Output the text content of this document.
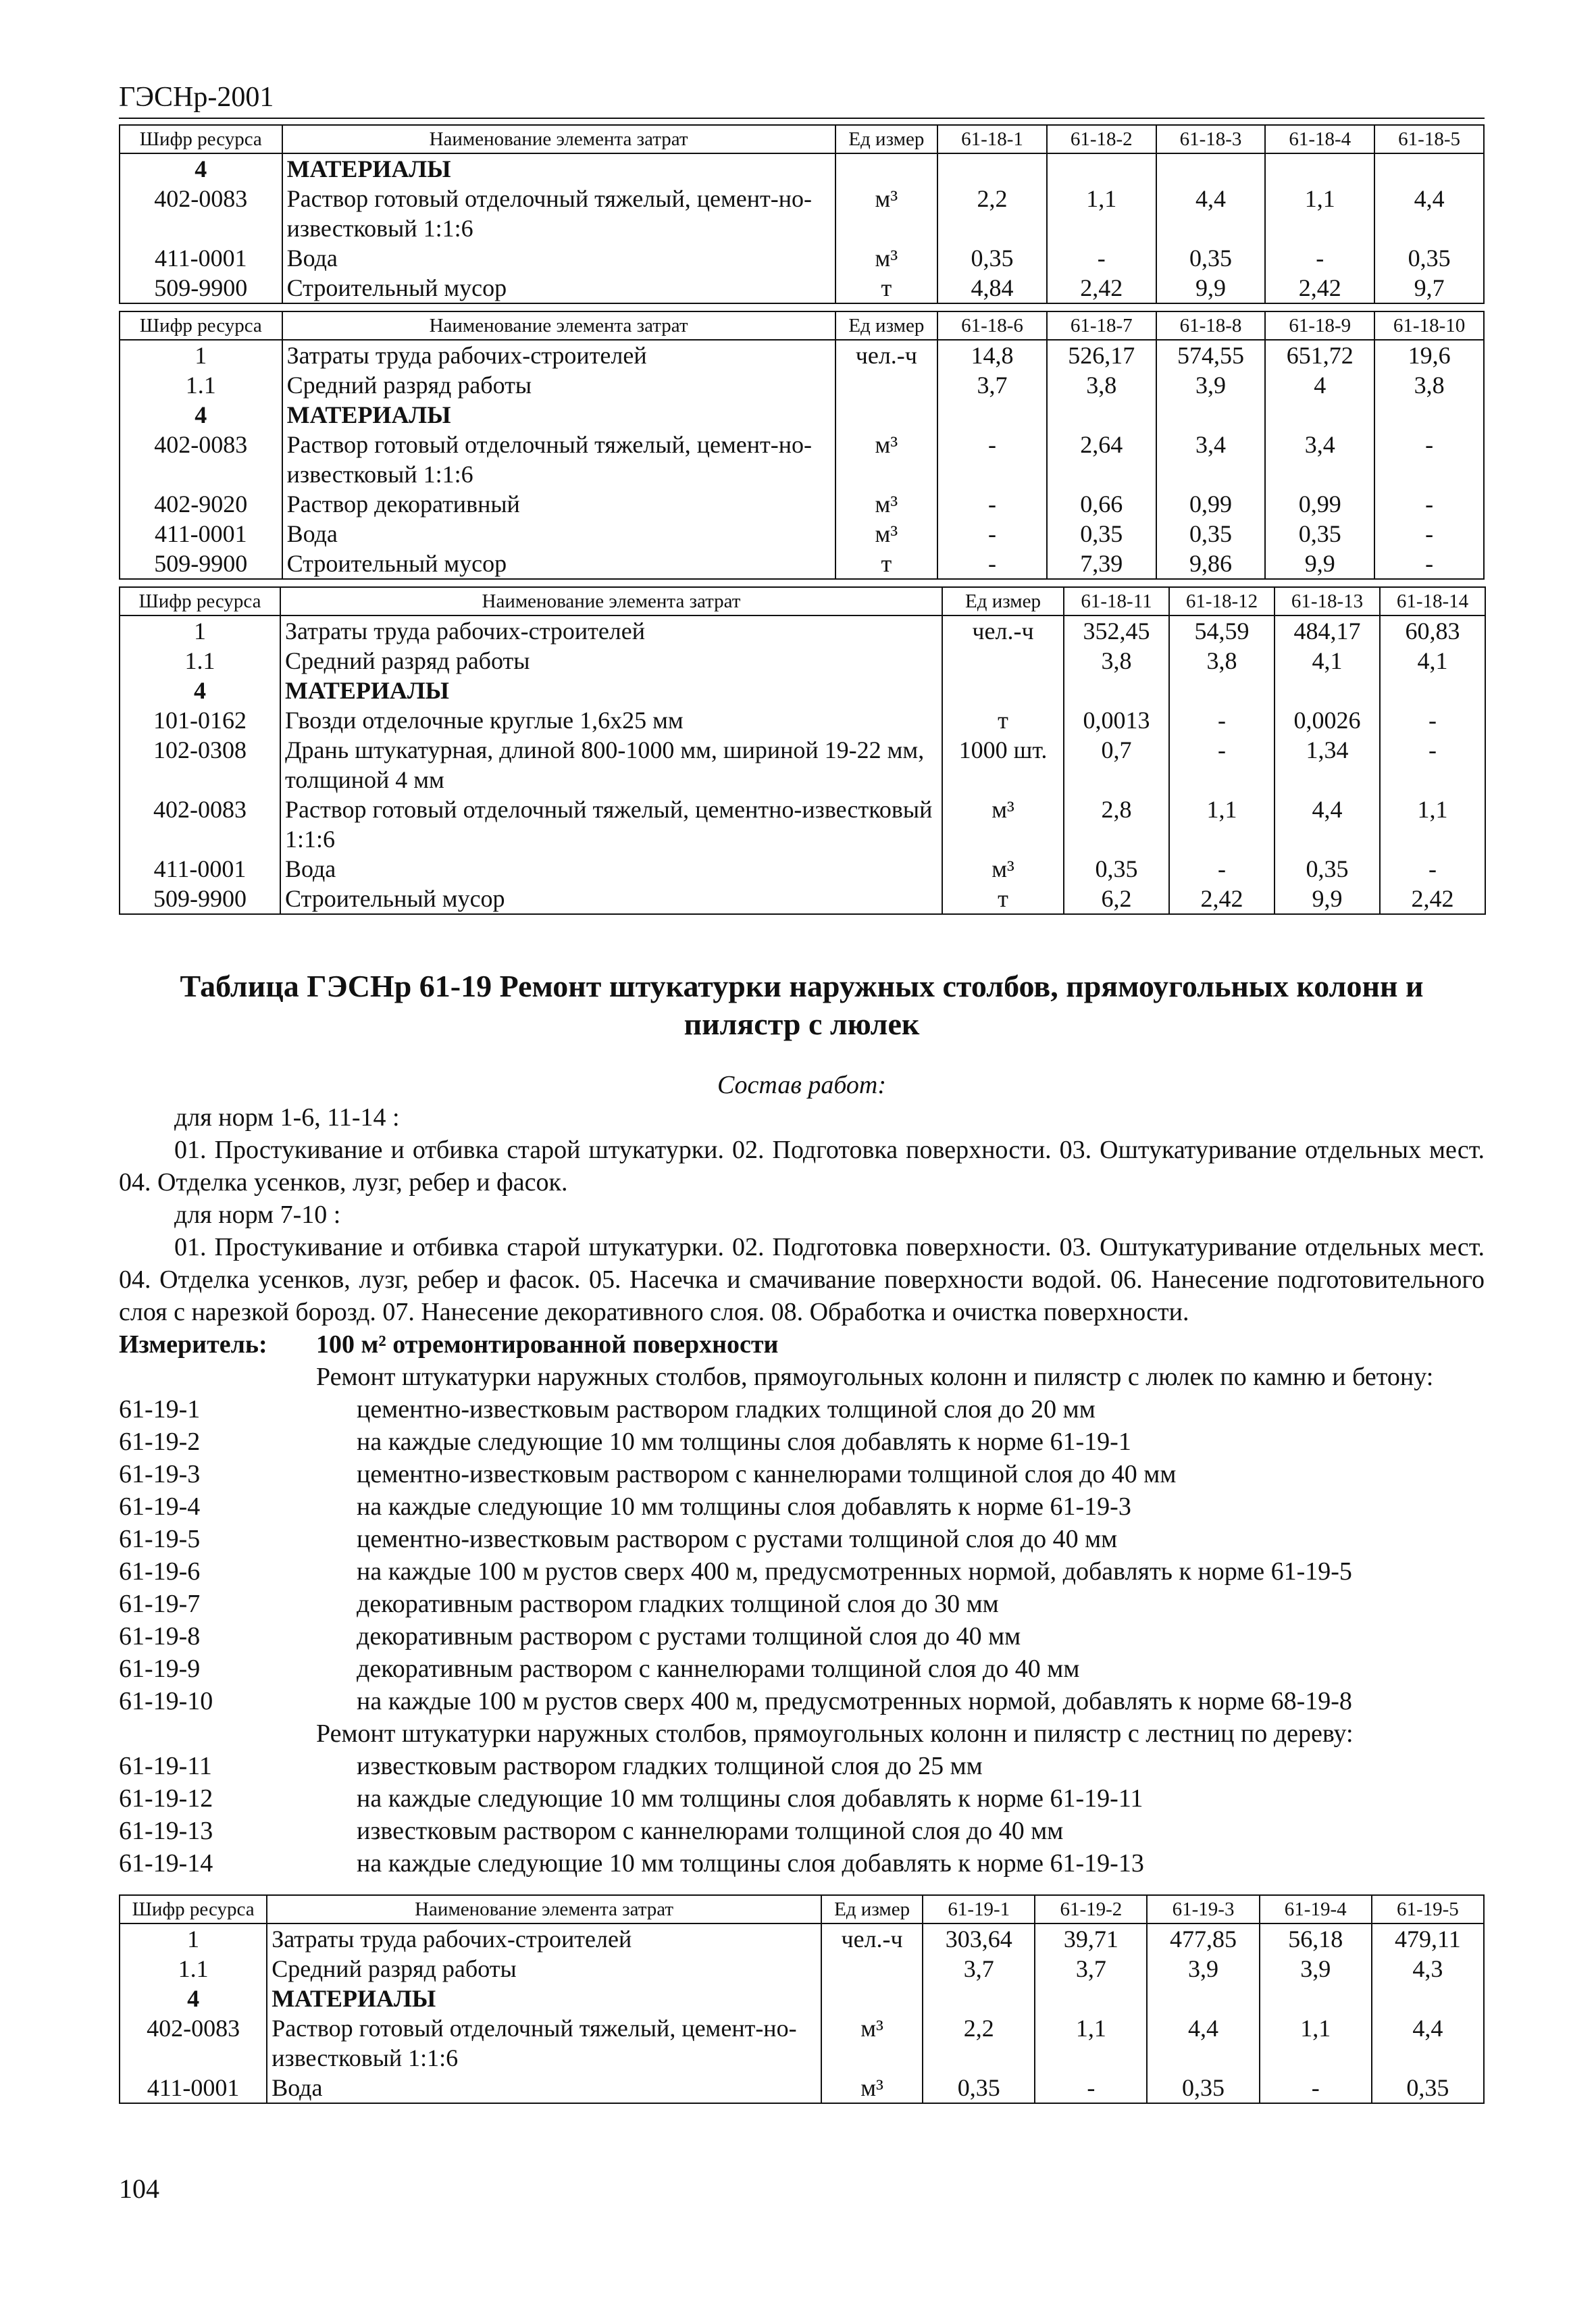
ГЭСНр-2001
Шифр ресурса	Наименование элемента затрат	Ед измер	61-18-1	61-18-2	61-18-3	61-18-4	61-18-5
4	МАТЕРИАЛЫ						
402-0083	Раствор готовый отделочный тяжелый, цемент-но-известковый 1:1:6	м³	2,2	1,1	4,4	1,1	4,4
411-0001	Вода	м³	0,35	-	0,35	-	0,35
509-9900	Строительный мусор	т	4,84	2,42	9,9	2,42	9,7
Шифр ресурса	Наименование элемента затрат	Ед измер	61-18-6	61-18-7	61-18-8	61-18-9	61-18-10
1	Затраты труда рабочих-строителей	чел.-ч	14,8	526,17	574,55	651,72	19,6
1.1	Средний разряд работы		3,7	3,8	3,9	4	3,8
4	МАТЕРИАЛЫ						
402-0083	Раствор готовый отделочный тяжелый, цемент-но-известковый 1:1:6	м³	-	2,64	3,4	3,4	-
402-9020	Раствор декоративный	м³	-	0,66	0,99	0,99	-
411-0001	Вода	м³	-	0,35	0,35	0,35	-
509-9900	Строительный мусор	т	-	7,39	9,86	9,9	-
Шифр ресурса	Наименование элемента затрат	Ед измер	61-18-11	61-18-12	61-18-13	61-18-14
1	Затраты труда рабочих-строителей	чел.-ч	352,45	54,59	484,17	60,83
1.1	Средний разряд работы		3,8	3,8	4,1	4,1
4	МАТЕРИАЛЫ					
101-0162	Гвозди отделочные круглые 1,6х25 мм	т	0,0013	-	0,0026	-
102-0308	Дрань штукатурная, длиной 800-1000 мм, шириной 19-22 мм, толщиной 4 мм	1000 шт.	0,7	-	1,34	-
402-0083	Раствор готовый отделочный тяжелый, цементно-известковый 1:1:6	м³	2,8	1,1	4,4	1,1
411-0001	Вода	м³	0,35	-	0,35	-
509-9900	Строительный мусор	т	6,2	2,42	9,9	2,42
Таблица ГЭСНр 61-19 Ремонт штукатурки наружных столбов, прямоугольных колонн и пилястр с люлек
Состав работ:

для норм 1-6, 11-14 :

01. Простукивание и отбивка старой штукатурки. 02. Подготовка поверхности. 03. Оштукатуривание отдельных мест. 04. Отделка усенков, лузг, ребер и фасок.

для норм 7-10 :

01. Простукивание и отбивка старой штукатурки. 02. Подготовка поверхности. 03. Оштукатуривание отдельных мест. 04. Отделка усенков, лузг, ребер и фасок. 05. Насечка и смачивание поверхности водой. 06. Нанесение подготовительного слоя с нарезкой борозд. 07. Нанесение декоративного слоя. 08. Обработка и очистка поверхности.

Измеритель: 100 м² отремонтированной поверхности
Ремонт штукатурки наружных столбов, прямоугольных колонн и пилястр с люлек по камню и бетону:
61-19-1	цементно-известковым раствором гладких толщиной слоя до 20 мм
61-19-2	на каждые следующие 10 мм толщины слоя добавлять к норме 61-19-1
61-19-3	цементно-известковым раствором с каннелюрами толщиной слоя до 40 мм
61-19-4	на каждые следующие 10 мм толщины слоя добавлять к норме 61-19-3
61-19-5	цементно-известковым раствором с рустами толщиной слоя до 40 мм
61-19-6	на каждые 100 м рустов сверх 400 м, предусмотренных нормой, добавлять к норме 61-19-5
61-19-7	декоративным раствором гладких толщиной слоя до 30 мм
61-19-8	декоративным раствором с рустами толщиной слоя до 40 мм
61-19-9	декоративным раствором с каннелюрами толщиной слоя до 40 мм
61-19-10	на каждые 100 м рустов сверх 400 м, предусмотренных нормой, добавлять к норме 68-19-8
Ремонт штукатурки наружных столбов, прямоугольных колонн и пилястр с лестниц по дереву:
61-19-11	известковым раствором гладких толщиной слоя до 25 мм
61-19-12	на каждые следующие 10 мм толщины слоя добавлять к норме 61-19-11
61-19-13	известковым раствором с каннелюрами толщиной слоя до 40 мм
61-19-14	на каждые следующие 10 мм толщины слоя добавлять к норме 61-19-13
Шифр ресурса	Наименование элемента затрат	Ед измер	61-19-1	61-19-2	61-19-3	61-19-4	61-19-5
1	Затраты труда рабочих-строителей	чел.-ч	303,64	39,71	477,85	56,18	479,11
1.1	Средний разряд работы		3,7	3,7	3,9	3,9	4,3
4	МАТЕРИАЛЫ						
402-0083	Раствор готовый отделочный тяжелый, цемент-но-известковый 1:1:6	м³	2,2	1,1	4,4	1,1	4,4
411-0001	Вода	м³	0,35	-	0,35	-	0,35
104
